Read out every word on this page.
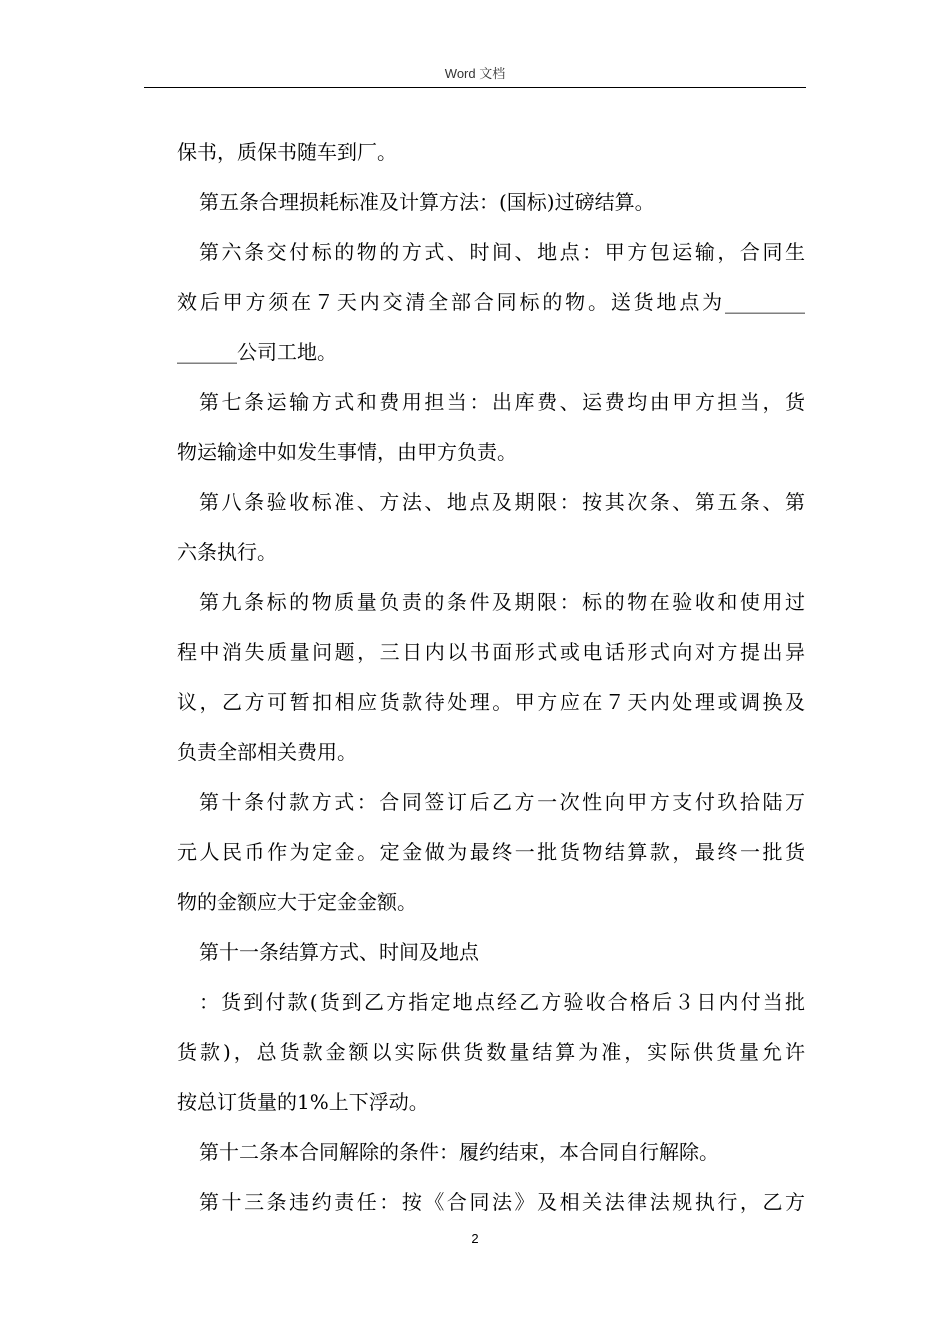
Word 文档
保书，质保书随车到厂。
第五条合理损耗标准及计算方法：(国标)过磅结算。
第六条交付标的物的方式、时间、地点：甲方包运输，合同生
效后甲方须在７天内交清全部合同标的物。送货地点为________
______公司工地。
第七条运输方式和费用担当：出库费、运费均由甲方担当，货
物运输途中如发生事情，由甲方负责。
第八条验收标准、方法、地点及期限：按其次条、第五条、第
六条执行。
第九条标的物质量负责的条件及期限：标的物在验收和使用过
程中消失质量问题，三日内以书面形式或电话形式向对方提出异
议，乙方可暂扣相应货款待处理。甲方应在７天内处理或调换及
负责全部相关费用。
第十条付款方式：合同签订后乙方一次性向甲方支付玖拾陆万
元人民币作为定金。定金做为最终一批货物结算款，最终一批货
物的金额应大于定金金额。
第十一条结算方式、时间及地点
：货到付款(货到乙方指定地点经乙方验收合格后３日内付当批
货款)，总货款金额以实际供货数量结算为准，实际供货量允许
按总订货量的1%上下浮动。
第十二条本合同解除的条件：履约结束，本合同自行解除。
第十三条违约责任：按《合同法》及相关法律法规执行，乙方
2
